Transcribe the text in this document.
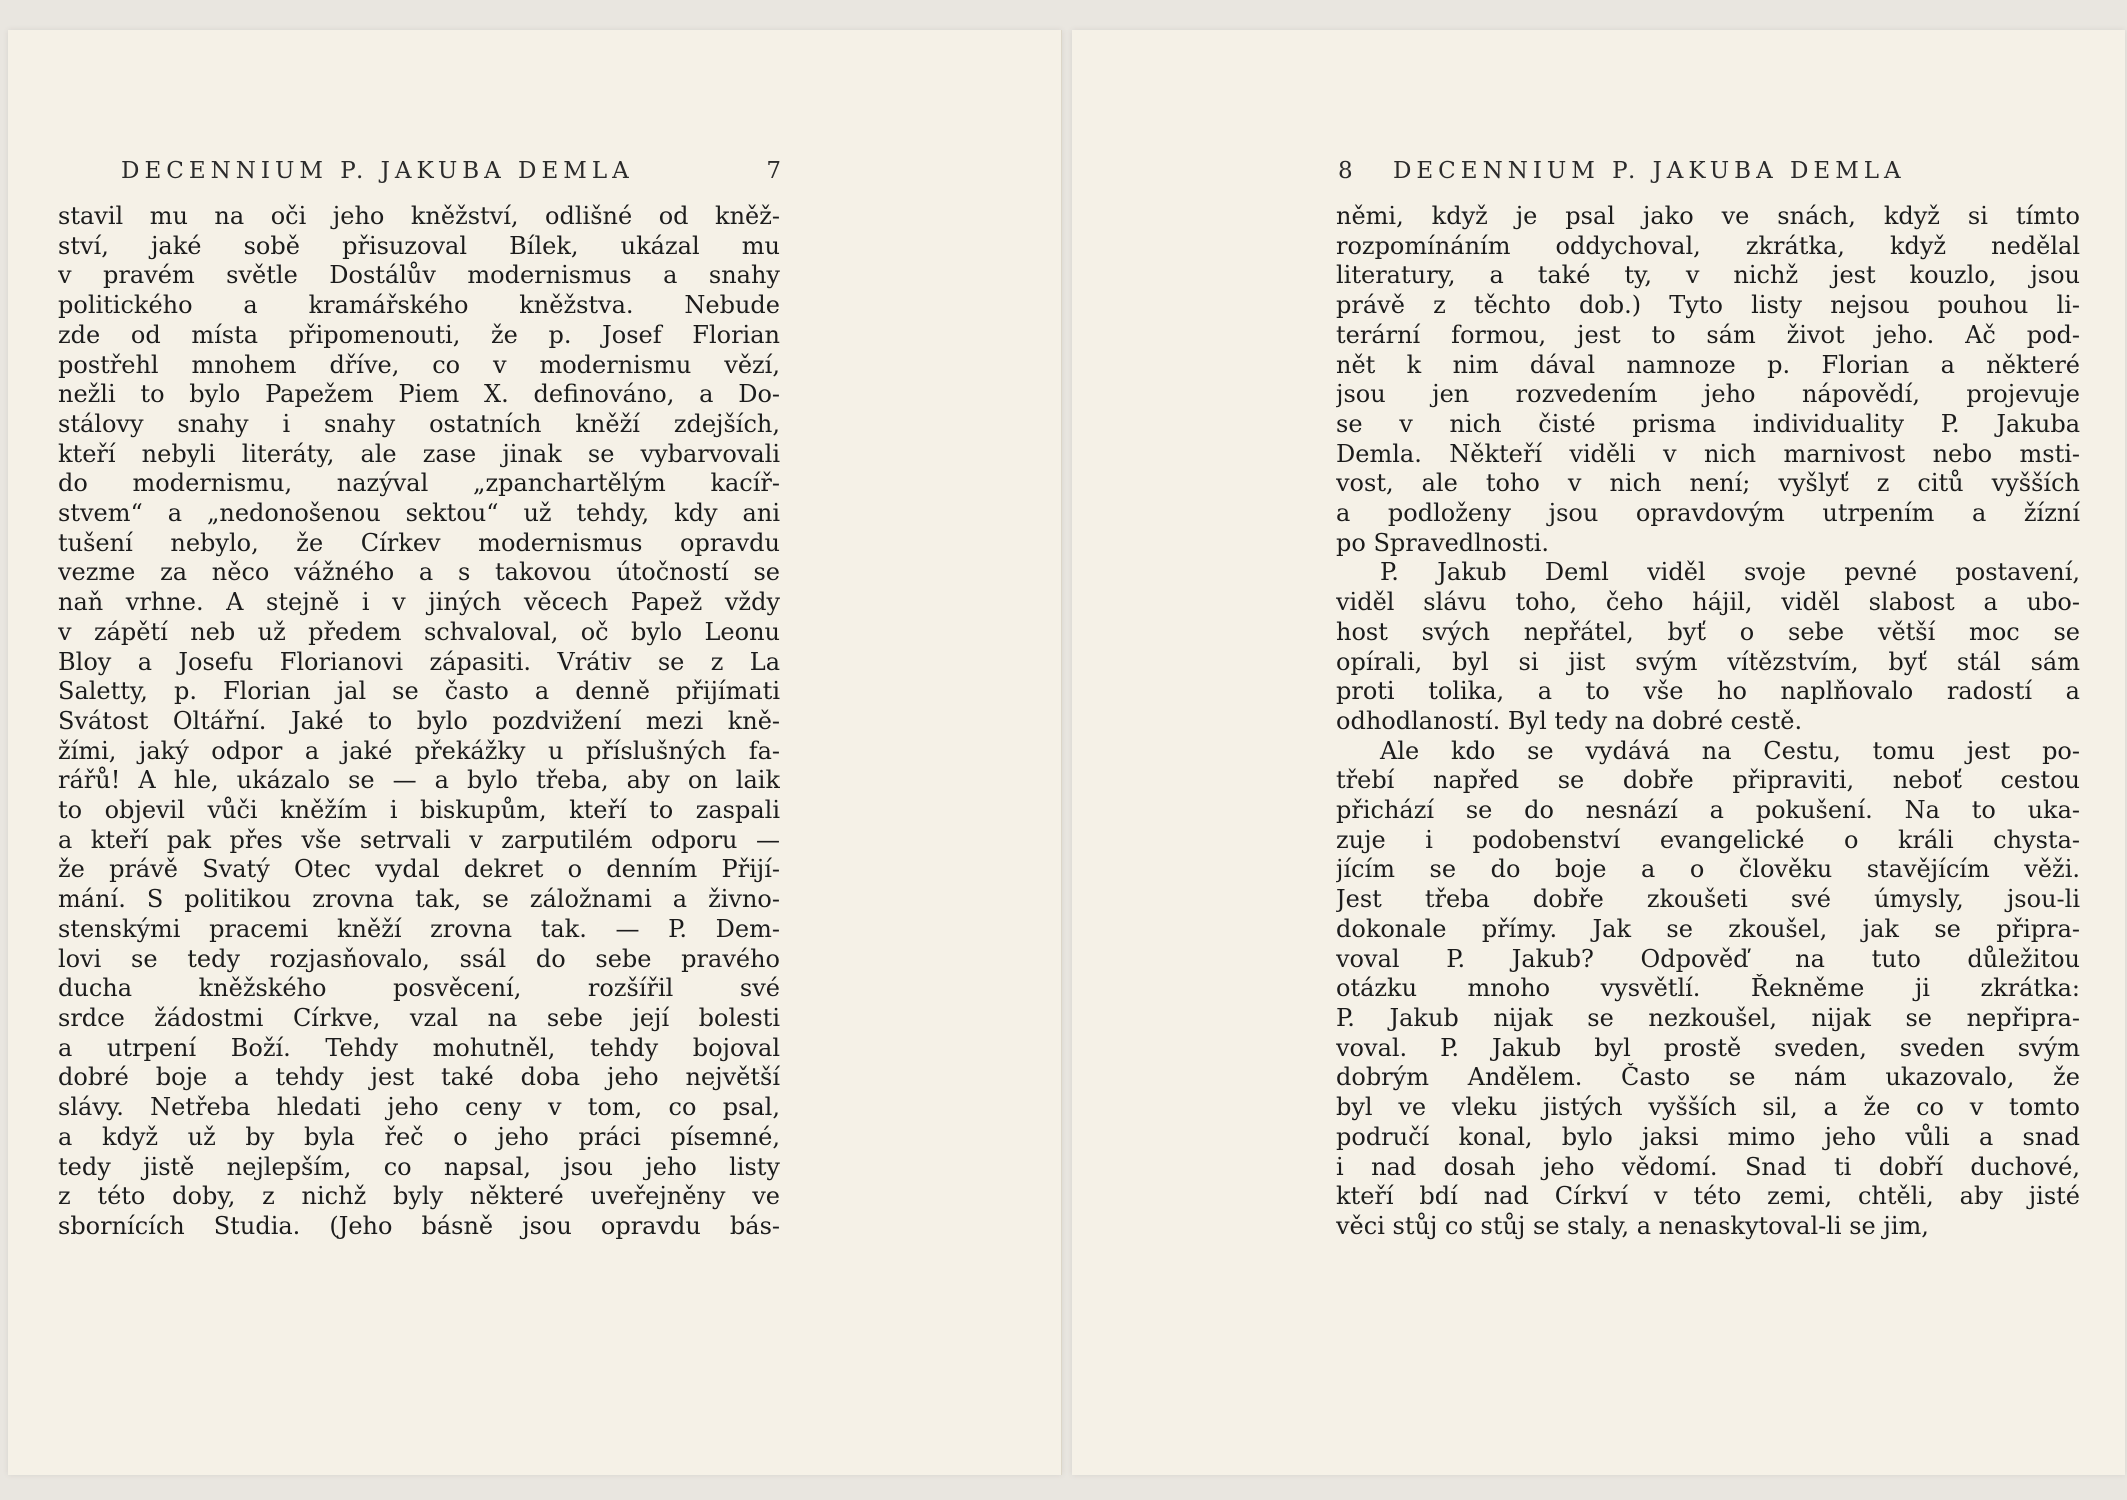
DECENNIUM P. JAKUBA DEMLA	7
stavil mu na oči jeho kněžství, odlišné od kněž-
ství, jaké sobě přisuzoval Bílek, ukázal mu
v pravém světle Dostálův modernismus a snahy
politického a kramářského kněžstva. Nebude
zde od místa připomenouti, že p. Josef Florian
postřehl mnohem dříve, co v modernismu vězí,
nežli to bylo Papežem Piem X. definováno, a Do-
stálovy snahy i snahy ostatních kněží zdejších,
kteří nebyli literáty, ale zase jinak se vybarvovali
do modernismu, nazýval „zpanchartělým kacíř-
stvem“ a „nedonošenou sektou“ už tehdy, kdy ani
tušení nebylo, že Církev modernismus opravdu
vezme za něco vážného a s takovou útočností se
naň vrhne. A stejně i v jiných věcech Papež vždy
v zápětí neb už předem schvaloval, oč bylo Leonu
Bloy a Josefu Florianovi zápasiti. Vrátiv se z La
Saletty, p. Florian jal se často a denně přijímati
Svátost Oltářní. Jaké to bylo pozdvižení mezi kně-
žími, jaký odpor a jaké překážky u příslušných fa-
rářů! A hle, ukázalo se — a bylo třeba, aby on laik
to objevil vůči kněžím i biskupům, kteří to zaspali
a kteří pak přes vše setrvali v zarputilém odporu —
že právě Svatý Otec vydal dekret o denním Přijí-
mání. S politikou zrovna tak, se záložnami a živno-
stenskými pracemi kněží zrovna tak. — P. Dem-
lovi se tedy rozjasňovalo, ssál do sebe pravého
ducha kněžského posvěcení, rozšířil své
srdce žádostmi Církve, vzal na sebe její bolesti
a utrpení Boží. Tehdy mohutněl, tehdy bojoval
dobré boje a tehdy jest také doba jeho největší
slávy. Netřeba hledati jeho ceny v tom, co psal,
a když už by byla řeč o jeho práci písemné,
tedy jistě nejlepším, co napsal, jsou jeho listy
z této doby, z nichž byly některé uveřejněny ve
sbornících Studia. (Jeho básně jsou opravdu bás-
8 DECENNIUM P. JAKUBA DEMLA
němi, když je psal jako ve snách, když si tímto
rozpomínáním oddychoval, zkrátka, když nedělal
literatury, a také ty, v nichž jest kouzlo, jsou
právě z těchto dob.) Tyto listy nejsou pouhou li-
terární formou, jest to sám život jeho. Ač pod-
nět k nim dával namnoze p. Florian a některé
jsou jen rozvedením jeho nápovědí, projevuje
se v nich čisté prisma individuality P. Jakuba
Demla. Někteří viděli v nich marnivost nebo msti-
vost, ale toho v nich není; vyšlyť z citů vyšších
a podloženy jsou opravdovým utrpením a žízní
po Spravedlnosti.
P. Jakub Deml viděl svoje pevné postavení,
viděl slávu toho, čeho hájil, viděl slabost a ubo-
host svých nepřátel, byť o sebe větší moc se
opírali, byl si jist svým vítězstvím, byť stál sám
proti tolika, a to vše ho naplňovalo radostí a
odhodlaností. Byl tedy na dobré cestě.
Ale kdo se vydává na Cestu, tomu jest po-
třebí napřed se dobře připraviti, neboť cestou
přichází se do nesnází a pokušení. Na to uka-
zuje i podobenství evangelické o králi chysta-
jícím se do boje a o člověku stavějícím věži.
Jest třeba dobře zkoušeti své úmysly, jsou-li
dokonale přímy. Jak se zkoušel, jak se připra-
voval P. Jakub? Odpověď na tuto důležitou
otázku mnoho vysvětlí. Řekněme ji zkrátka:
P. Jakub nijak se nezkoušel, nijak se nepřipra-
voval. P. Jakub byl prostě sveden, sveden svým
dobrým Andělem. Často se nám ukazovalo, že
byl ve vleku jistých vyšších sil, a že co v tomto
područí konal, bylo jaksi mimo jeho vůli a snad
i nad dosah jeho vědomí. Snad ti dobří duchové,
kteří bdí nad Církví v této zemi, chtěli, aby jisté
věci stůj co stůj se staly, a nenaskytoval-li se jim,
